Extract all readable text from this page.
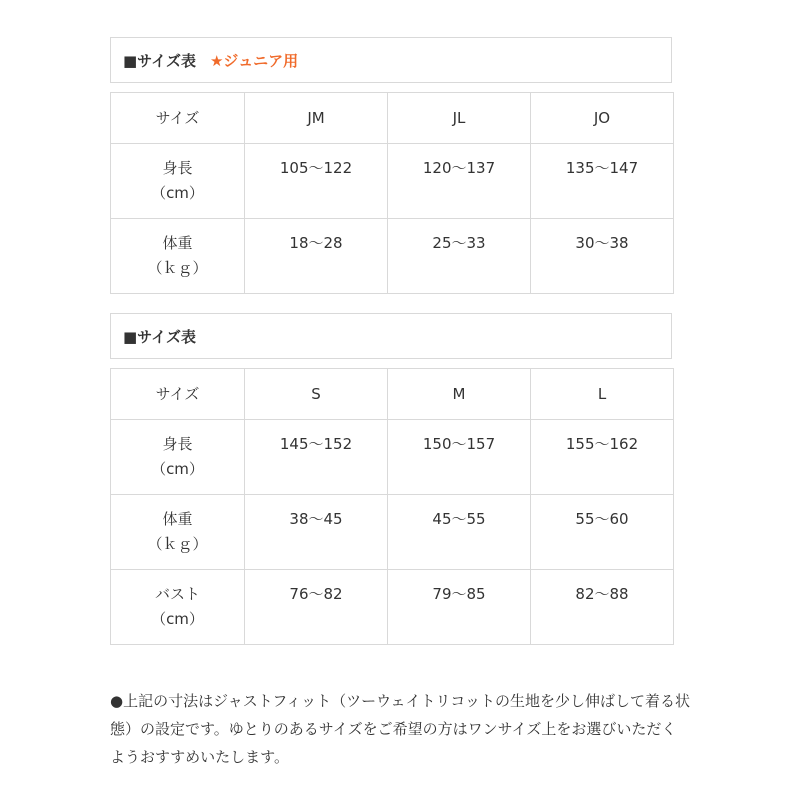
■サイズ表 ★ジュニア用
サイズ	JM	JL	JO

身長
（cm）	105〜122	120〜137	135〜147

体重
（ｋｇ）	18〜28	25〜33	30〜38
■サイズ表
サイズ	S	M	L

身長
（cm）	145〜152	150〜157	155〜162

体重
（ｋｇ）	38〜45	45〜55	55〜60

バスト
（cm）	76〜82	79〜85	82〜88

●上記の寸法はジャストフィット（ツーウェイトリコットの生地を少し伸ばして着る状態）の設定です。ゆとりのあるサイズをご希望の方はワンサイズ上をお選びいただくようおすすめいたします。
